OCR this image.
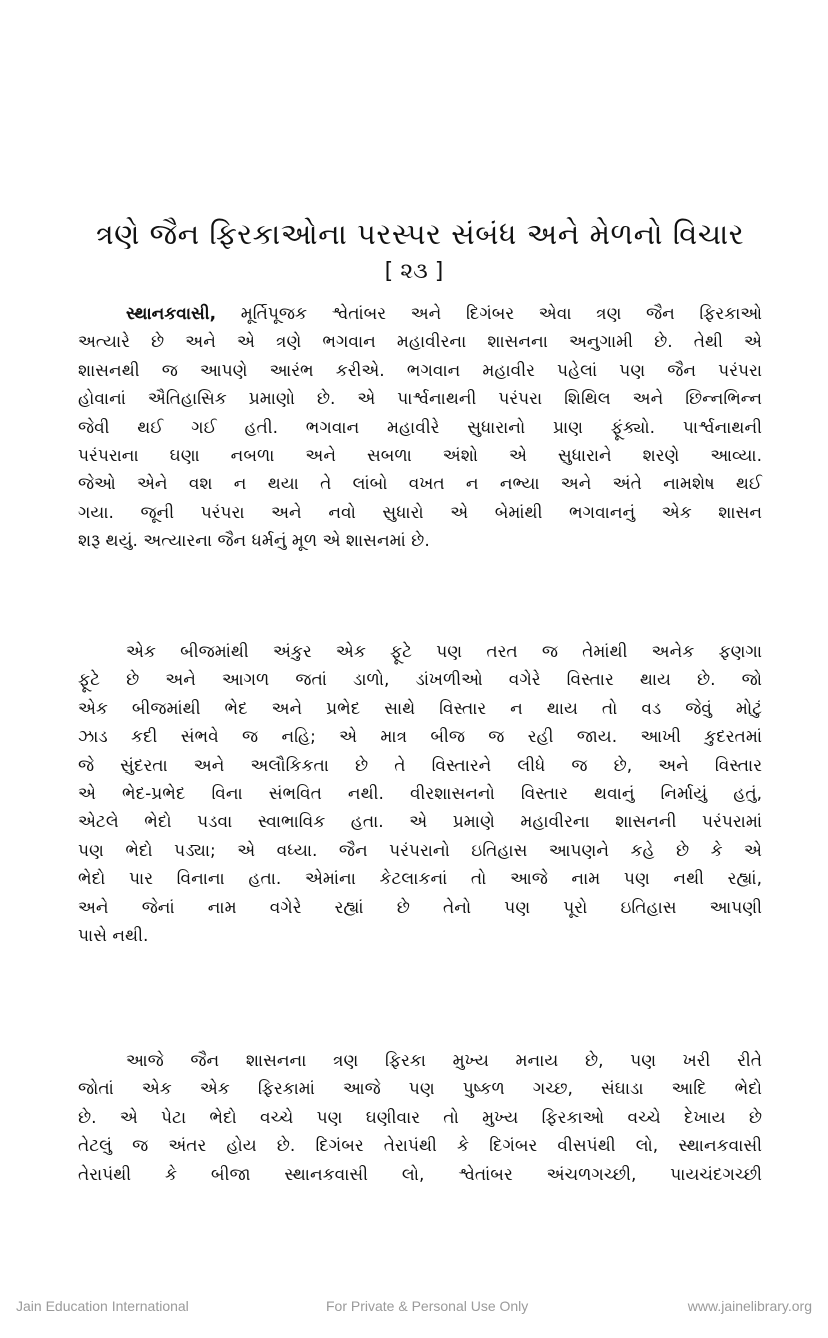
ત્રણે જૈન ફિરકાઓના પરસ્પર સંબંધ અને મેળનો વિચાર
[ ૨૩ ]
સ્થાનકવાસી, મૂર્તિપૂજક શ્વેતાંબર અને દિગંબર એવા ત્રણ જૈન ફિરકાઓ
અત્યારે છે અને એ ત્રણે ભગવાન મહાવીરના શાસનના અનુગામી છે. તેથી એ
શાસનથી જ આપણે આરંભ કરીએ. ભગવાન મહાવીર પહેલાં પણ જૈન પરંપરા
હોવાનાં ઐતિહાસિક પ્રમાણો છે. એ પાર્શ્વનાથની પરંપરા શિથિલ અને છિન્નભિન્ન
જેવી થઈ ગઈ હતી. ભગવાન મહાવીરે સુધારાનો પ્રાણ ફૂંક્યો. પાર્શ્વનાથની
પરંપરાના ઘણા નબળા અને સબળા અંશો એ સુધારાને શરણે આવ્યા.
જેઓ એને વશ ન થયા તે લાંબો વખત ન નભ્યા અને અંતે નામશેષ થઈ
ગયા. જૂની પરંપરા અને નવો સુધારો એ બેમાંથી ભગવાનનું એક શાસન
શરૂ થયું. અત્યારના જૈન ધર્મનું મૂળ એ શાસનમાં છે.
એક બીજમાંથી અંકુર એક ફૂટે પણ તરત જ તેમાંથી અનેક ફણગા
ફૂટે છે અને આગળ જતાં ડાળો, ડાંખળીઓ વગેરે વિસ્તાર થાય છે. જો
એક બીજમાંથી ભેદ અને પ્રભેદ સાથે વિસ્તાર ન થાય તો વડ જેવું મોટું
ઝાડ કદી સંભવે જ નહિ; એ માત્ર બીજ જ રહી જાય. આખી કુદરતમાં
જે સુંદરતા અને અલૌકિકતા છે તે વિસ્તારને લીધે જ છે, અને વિસ્તાર
એ ભેદ-પ્રભેદ વિના સંભવિત નથી. વીરશાસનનો વિસ્તાર થવાનું નિર્માયું હતું,
એટલે ભેદો પડવા સ્વાભાવિક હતા. એ પ્રમાણે મહાવીરના શાસનની પરંપરામાં
પણ ભેદો પડ્યા; એ વધ્યા. જૈન પરંપરાનો ઇતિહાસ આપણને કહે છે કે એ
ભેદો પાર વિનાના હતા. એમાંના કેટલાકનાં તો આજે નામ પણ નથી રહ્યાં,
અને જેનાં નામ વગેરે રહ્યાં છે તેનો પણ પૂરો ઇતિહાસ આપણી
પાસે નથી.
આજે જૈન શાસનના ત્રણ ફિરકા મુખ્ય મનાય છે, પણ ખરી રીતે
જોતાં એક એક ફિરકામાં આજે પણ પુષ્કળ ગચ્છ, સંઘાડા આદિ ભેદો
છે. એ પેટા ભેદો વચ્ચે પણ ઘણીવાર તો મુખ્ય ફિરકાઓ વચ્ચે દેખાય છે
તેટલું જ અંતર હોય છે. દિગંબર તેરાપંથી કે દિગંબર વીસપંથી લો, સ્થાનકવાસી
તેરાપંથી કે બીજા સ્થાનકવાસી લો, શ્વેતાંબર અંચળગચ્છી, પાયચંદગચ્છી
Jain Education International	For Private & Personal Use Only	www.jainelibrary.org
